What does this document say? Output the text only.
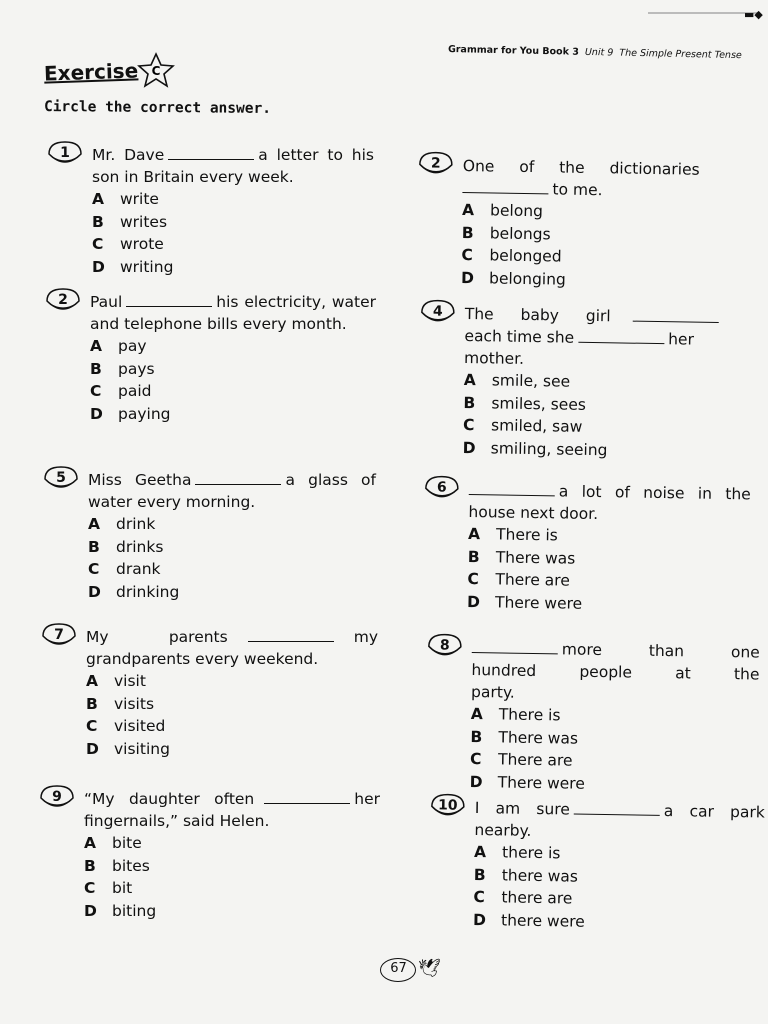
▬◆
Grammar for You Book 3 Unit 9 The Simple Present Tense
Exercise C
Circle the correct answer.
1	Mr. Dave	a letter to his son in Britain every week.
A	write
B	writes
C	wrote
D writing
2	One of the dictionaries
to me.
A	belong
B	belongs
C	belonged
D belonging
2	Paul	his electricity, water and telephone bills every month.
A	pay
B	pays
C	paid
D paying
4	The baby girl
each time she	her mother.
A	smile, see
B	smiles, sees
C	smiled, saw
D smiling, seeing
5	Miss Geetha	a glass of water every morning.
A	drink
B	drinks
C	drank
D drinking
6	a lot of noise in the house next door.
A	There is
B	There was
C	There are
D There were
7	My parents	my grandparents every weekend.
A	visit
B	visits
C	visited
D visiting
8	more than one hundred people at the party.
A	There is
B	There was
C	There are
D There were
9	“My daughter often	her fingernails,” said Helen.
A	bite
B	bites
C	bit
D biting
10	I am sure	a car park nearby.
A	there is
B	there was
C	there are
D there were
67 🕊
